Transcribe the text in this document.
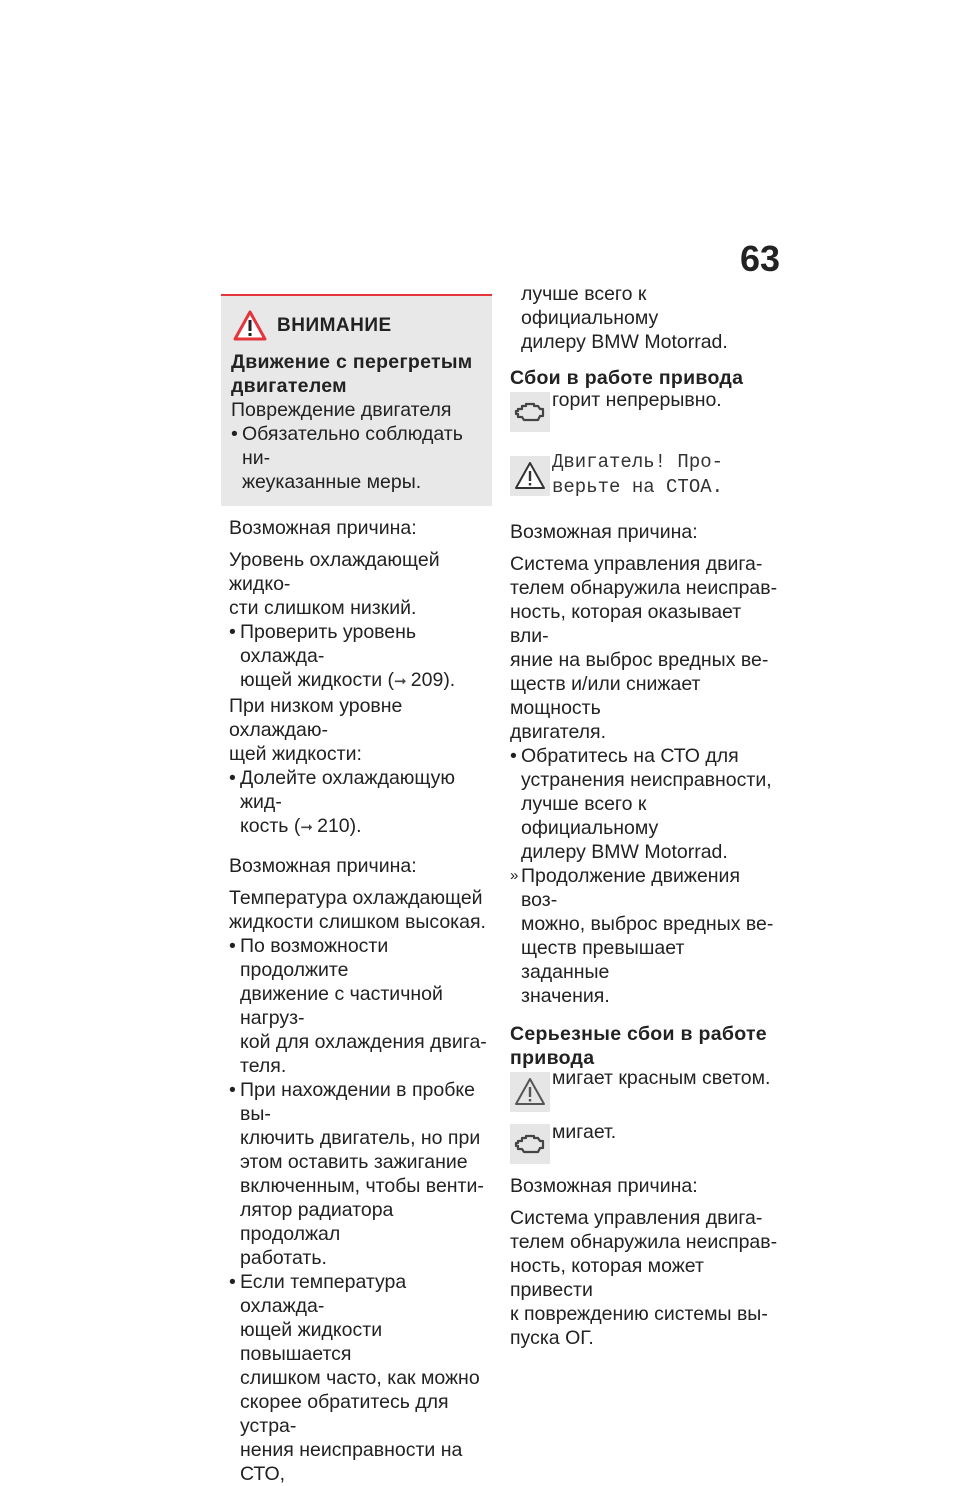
63
ВНИМАНИЕ
Движение с перегретым
двигателем

Повреждение двигателя

• Обязательно соблюдать ни-
жеуказанные меры.

Возможная причина:

Уровень охлаждающей жидко-
сти слишком низкий.

• Проверить уровень охлажда-
ющей жидкости (➞ 209).

При низком уровне охлаждаю-
щей жидкости:

• Долейте охлаждающую жид-
кость (➞ 210).

Возможная причина:

Температура охлаждающей
жидкости слишком высокая.

• По возможности продолжите
движение с частичной нагруз-
кой для охлаждения двига-
теля.
• При нахождении в пробке вы-
ключить двигатель, но при
этом оставить зажигание
включенным, чтобы венти-
лятор радиатора продолжал
работать.
• Если температура охлажда-
ющей жидкости повышается
слишком часто, как можно
скорее обратитесь для устра-
нения неисправности на СТО,

лучше всего к официальному

дилеру BMW Motorrad.

Сбои в работе привода

горит непрерывно.

Двигатель! Про-
верьте на СТОА.

Возможная причина:

Система управления двига-
телем обнаружила неисправ-
ность, которая оказывает вли-
яние на выброс вредных ве-
ществ и/или снижает мощность
двигателя.

• Обратитесь на СТО для
устранения неисправности,
лучше всего к официальному
дилеру BMW Motorrad.
» Продолжение движения воз-
можно, выброс вредных ве-
ществ превышает заданные
значения.
Серьезные сбои в работе
привода

мигает красным светом.

мигает.

Возможная причина:

Система управления двига-
телем обнаружила неисправ-
ность, которая может привести
к повреждению системы вы-
пуска ОГ.
